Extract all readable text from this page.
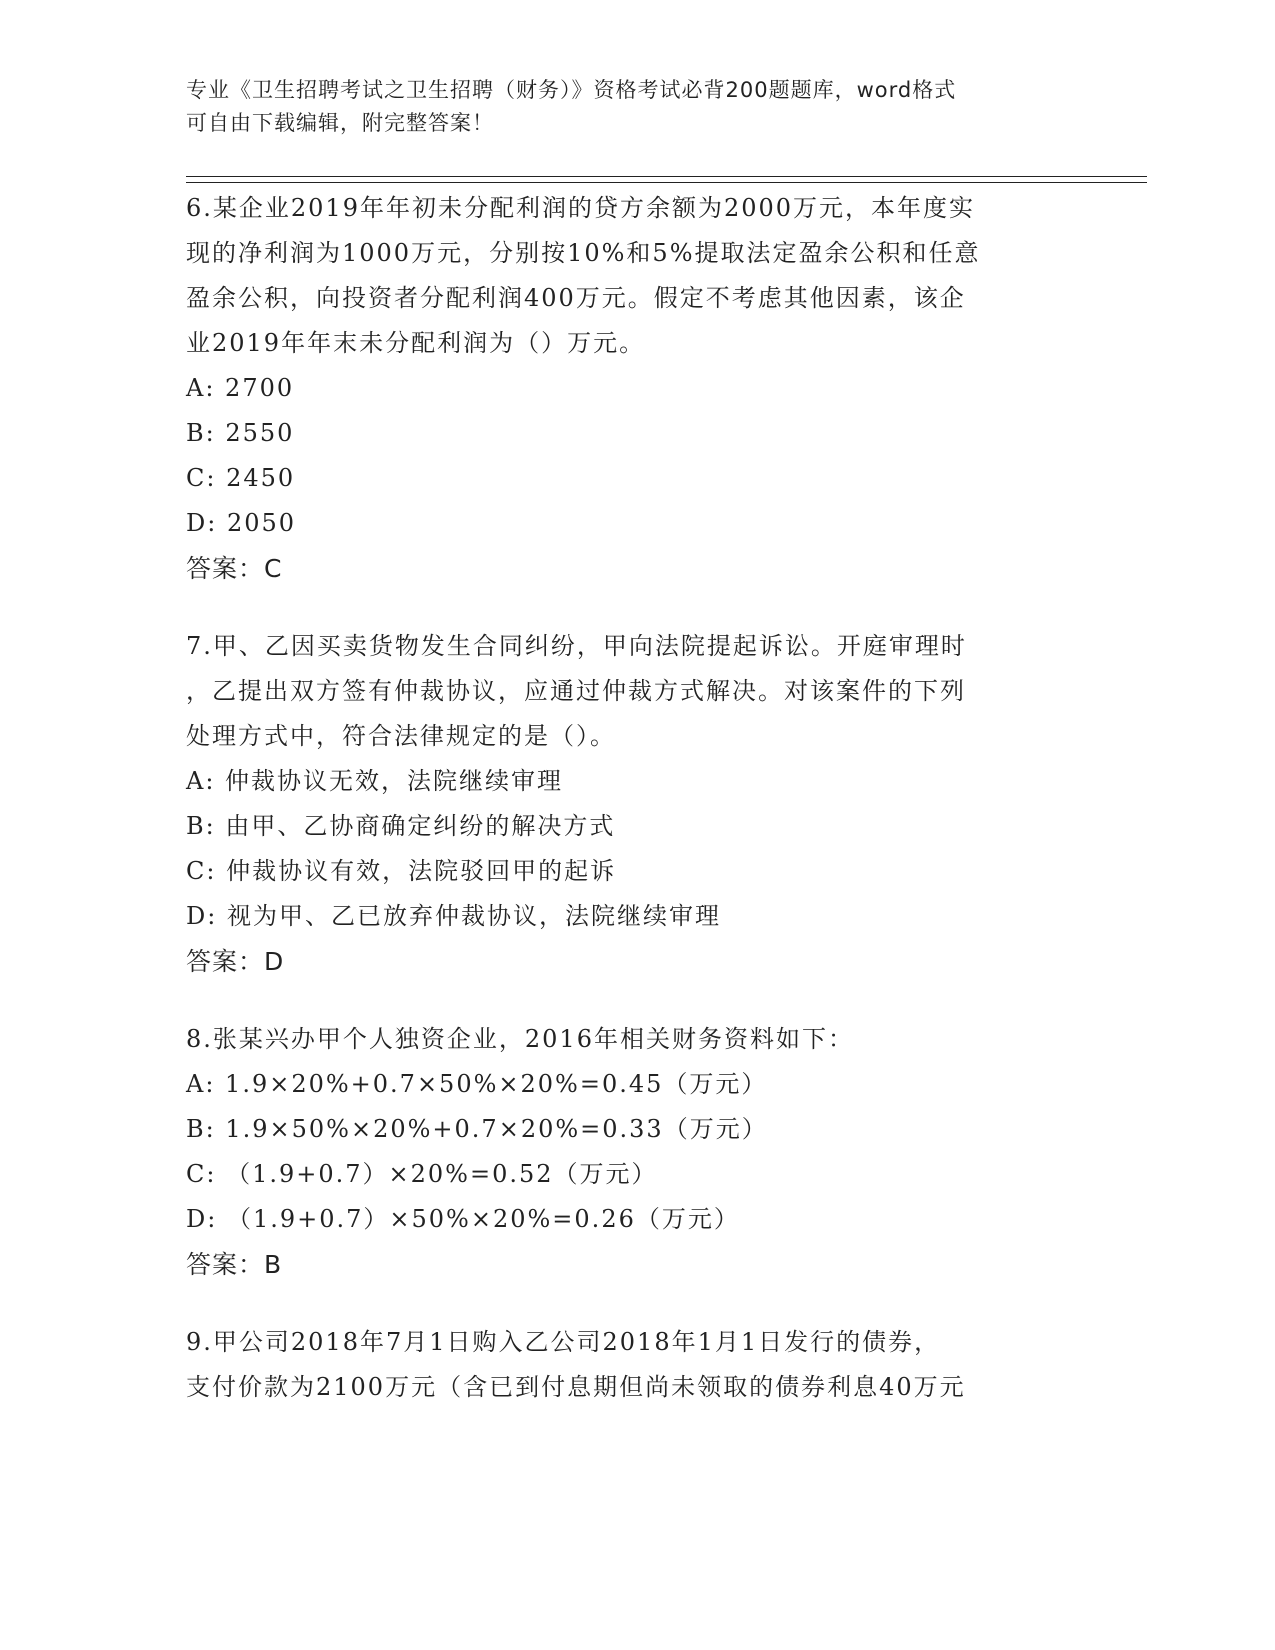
专业《卫生招聘考试之卫生招聘（财务）》资格考试必背200题题库，word格式
可自由下载编辑，附完整答案！
6.某企业2019年年初未分配利润的贷方余额为2000万元，本年度实
现的净利润为1000万元，分别按10%和5%提取法定盈余公积和任意
盈余公积，向投资者分配利润400万元。假定不考虑其他因素，该企
业2019年年末未分配利润为（）万元。
A: 2700
B: 2550
C: 2450
D: 2050
答案：C
7.甲、乙因买卖货物发生合同纠纷，甲向法院提起诉讼。开庭审理时
，乙提出双方签有仲裁协议，应通过仲裁方式解决。对该案件的下列
处理方式中，符合法律规定的是（）。
A: 仲裁协议无效，法院继续审理
B: 由甲、乙协商确定纠纷的解决方式
C: 仲裁协议有效，法院驳回甲的起诉
D: 视为甲、乙已放弃仲裁协议，法院继续审理
答案：D
8.张某兴办甲个人独资企业，2016年相关财务资料如下：
A: 1.9×20%+0.7×50%×20%=0.45（万元）
B: 1.9×50%×20%+0.7×20%=0.33（万元）
C: （1.9+0.7）×20%=0.52（万元）
D: （1.9+0.7）×50%×20%=0.26（万元）
答案：B
9.甲公司2018年7月1日购入乙公司2018年1月1日发行的债券，
支付价款为2100万元（含已到付息期但尚未领取的债券利息40万元
